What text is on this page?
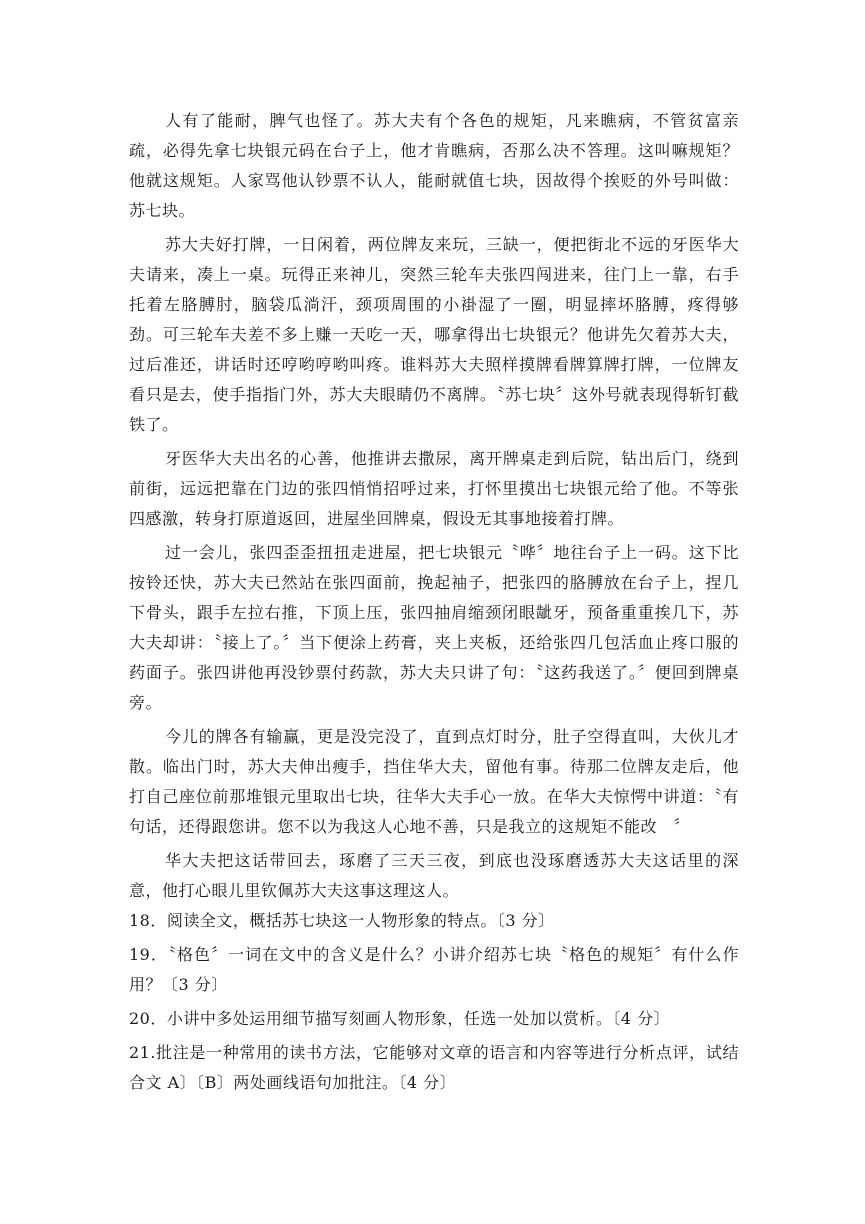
人有了能耐，脾气也怪了。苏大夫有个各色的规矩，凡来瞧病，不管贫富亲疏，必得先拿七块银元码在台子上，他才肯瞧病，否那么决不答理。这叫嘛规矩？他就这规矩。人家骂他认钞票不认人，能耐就值七块，因故得个挨贬的外号叫做：苏七块。

苏大夫好打牌，一日闲着，两位牌友来玩，三缺一，便把街北不远的牙医华大夫请来，凑上一桌。玩得正来神儿，突然三轮车夫张四闯进来，往门上一靠，右手托着左胳膊肘，脑袋瓜淌汗，颈项周围的小褂湿了一圈，明显摔坏胳膊，疼得够劲。可三轮车夫差不多上赚一天吃一天，哪拿得出七块银元？他讲先欠着苏大夫，过后准还，讲话时还哼哟哼哟叫疼。谁料苏大夫照样摸牌看牌算牌打牌，一位牌友看只是去，使手指指门外，苏大夫眼睛仍不离牌。〝苏七块〞这外号就表现得斩钉截铁了。

牙医华大夫出名的心善，他推讲去撒尿，离开牌桌走到后院，钻出后门，绕到前街，远远把靠在门边的张四悄悄招呼过来，打怀里摸出七块银元给了他。不等张四感激，转身打原道返回，进屋坐回牌桌，假设无其事地接着打牌。

过一会儿，张四歪歪扭扭走进屋，把七块银元〝哗〞地往台子上一码。这下比按铃还快，苏大夫已然站在张四面前，挽起袖子，把张四的胳膊放在台子上，捏几下骨头，跟手左拉右推，下顶上压，张四抽肩缩颈闭眼龇牙，预备重重挨几下，苏大夫却讲：〝接上了。〞当下便涂上药膏，夹上夹板，还给张四几包活血止疼口服的药面子。张四讲他再没钞票付药款，苏大夫只讲了句：〝这药我送了。〞便回到牌桌旁。

今儿的牌各有输赢，更是没完没了，直到点灯时分，肚子空得直叫，大伙儿才散。临出门时，苏大夫伸出瘦手，挡住华大夫，留他有事。待那二位牌友走后，他打自己座位前那堆银元里取出七块，往华大夫手心一放。在华大夫惊愕中讲道：〝有句话，还得跟您讲。您不以为我这人心地不善，只是我立的这规矩不能改　〞

华大夫把这话带回去，琢磨了三天三夜，到底也没琢磨透苏大夫这话里的深意，他打心眼儿里钦佩苏大夫这事这理这人。

18．阅读全文，概括苏七块这一人物形象的特点。〔3 分〕

19．〝格色〞一词在文中的含义是什么？小讲介绍苏七块〝格色的规矩〞有什么作用？〔3 分〕

20．小讲中多处运用细节描写刻画人物形象，任选一处加以赏析。〔4 分〕

21.批注是一种常用的读书方法，它能够对文章的语言和内容等进行分析点评，试结合文 A〕〔B〕两处画线语句加批注。〔4 分〕
